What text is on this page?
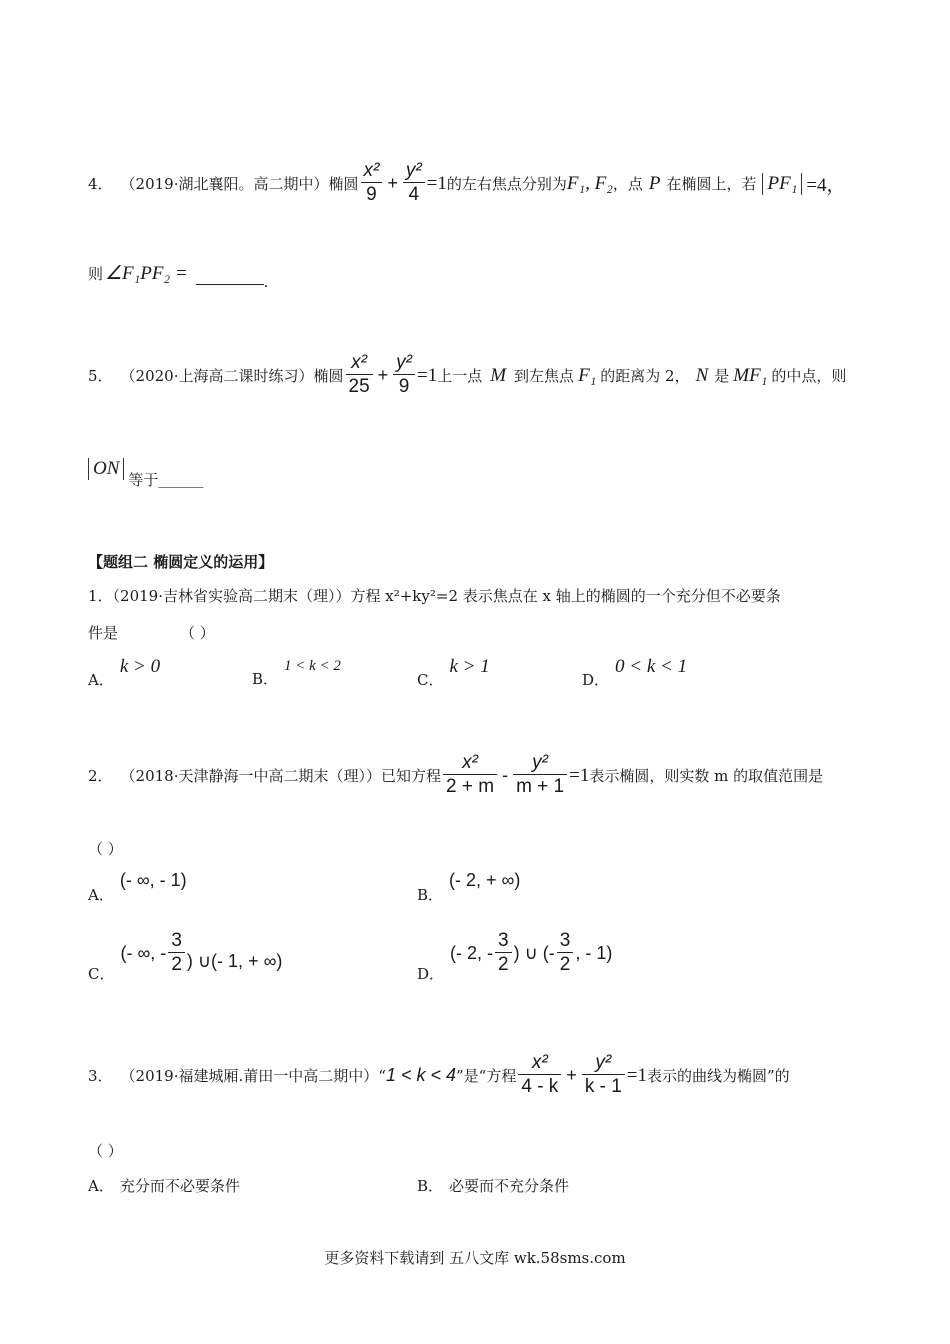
4． （2019·湖北襄阳。高二期中）椭圆 $\frac{\text{x²}}{9} + \frac{\text{y²}}{4} =1$ 的左右焦点分别为 F₁, F₂ ，点 P 在椭圆上，若 PF₁ =4，
则 ∠F₁PF₂ =	.
5． （2020·上海高二课时练习）椭圆 $\frac{\text{x²}}{25} + \frac{\text{y²}}{9} =1$ 上一点 M 到左焦点 F₁ 的距离为 2， N 是 MF₁ 的中点，则
ON
等于 ______
【题组二 椭圆定义的运用】
1．（2019·吉林省实验高二期末（理））方程 x²+ky²=2 表示焦点在 x 轴上的椭圆的一个充分但不必要条
件是	（ ）
A．
k > 0
B．
1 < k < 2
C．
k > 1
D．
0 < k < 1
2． （2018·天津静海一中高二期末（理））已知方程 $\frac{\text{x²}}{2 + m} - \frac{\text{y²}}{m + 1} =1$ 表示椭圆，则实数 m 的取值范围是
（ ）
A．
(- ∞, - 1)
B．
(- 2, + ∞)
C．
(- ∞, - $\frac{3}{2}$ ) ∪(- 1, + ∞)
D．
(- 2, - $\frac{3}{2}$ ) ∪ (- $\frac{3}{2}$ , - 1)
3． （2019·福建城厢.莆田一中高二期中）“ 1 < k < 4 ”是“方程 $\frac{\text{x²}}{4 - k} + \frac{\text{y²}}{k - 1} =1$ 表示的曲线为椭圆”的
（ ）
A． 充分而不必要条件	B． 必要而不充分条件
更多资料下载请到 五八文库 wk.58sms.com
